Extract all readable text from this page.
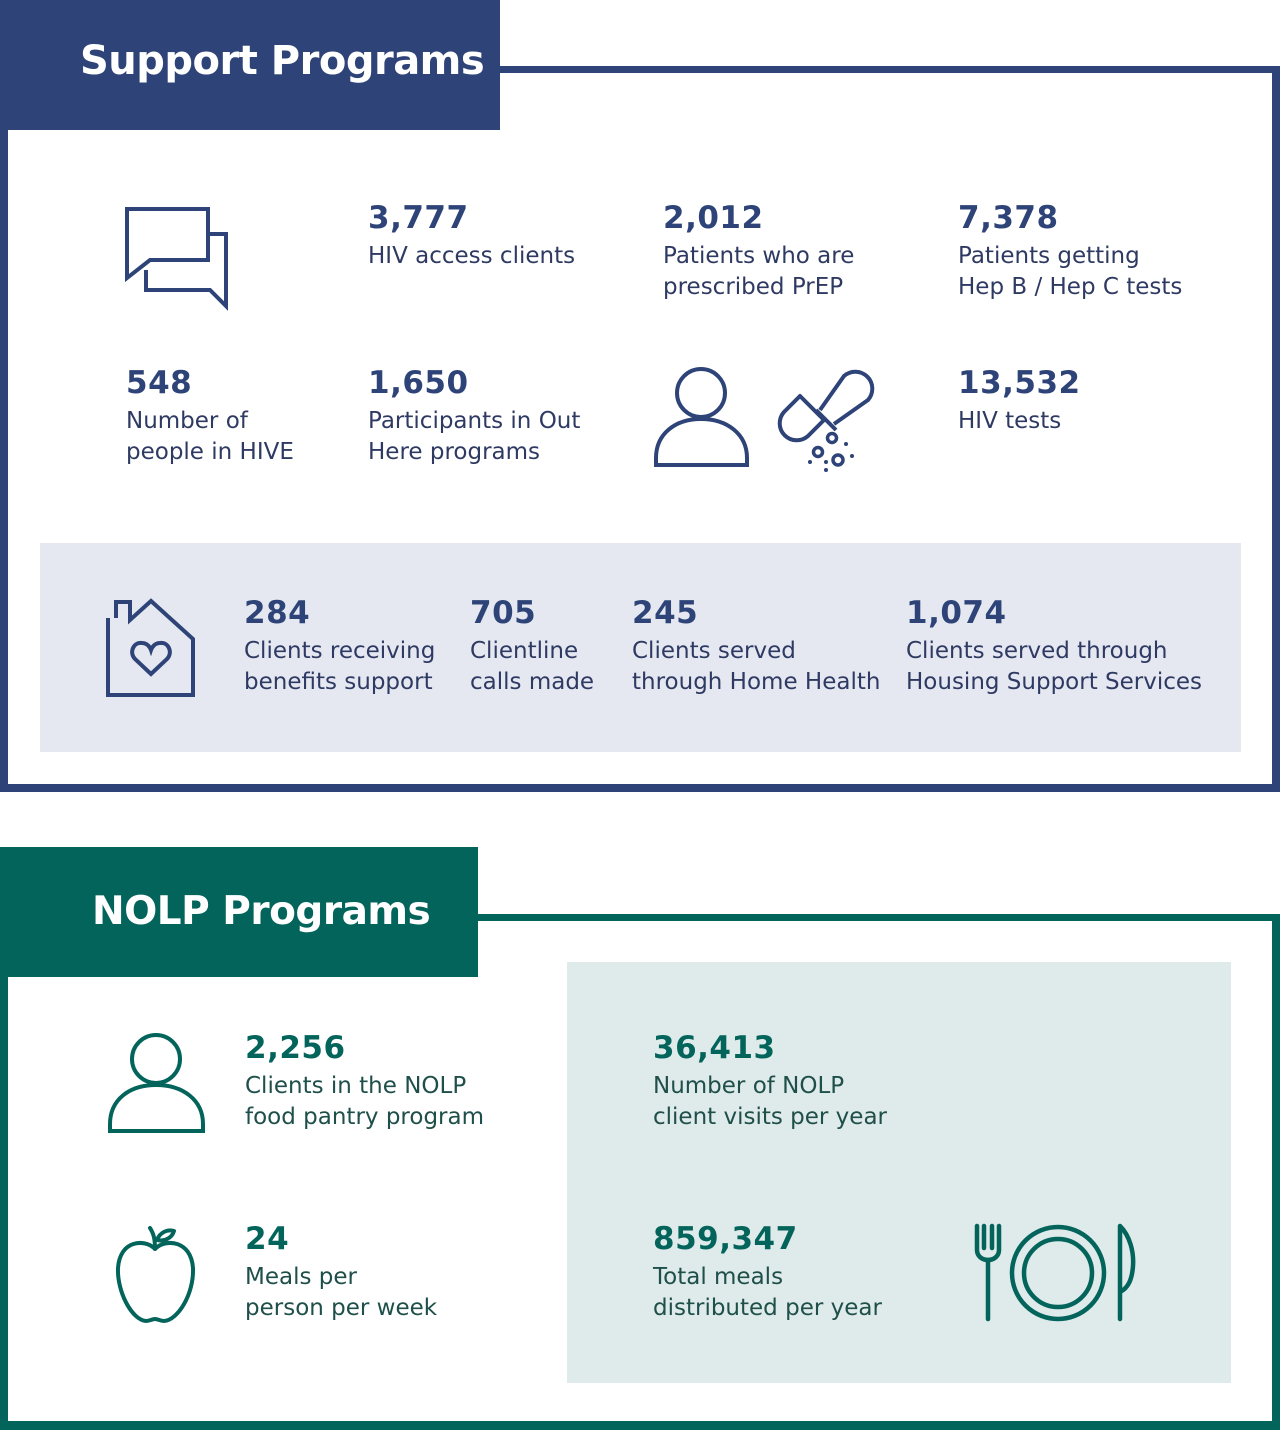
Support Programs
3,777
HIV access clients
2,012
Patients who are
prescribed PrEP
7,378
Patients getting
Hep B / Hep C tests
548
Number of
people in HIVE
1,650
Participants in Out
Here programs
13,532
HIV tests
284
Clients receiving
benefits support
705
Clientline
calls made
245
Clients served
through Home Health
1,074
Clients served through
Housing Support Services
NOLP Programs
2,256
Clients in the NOLP
food pantry program
24
Meals per
person per week
36,413
Number of NOLP
client visits per year
859,347
Total meals
distributed per year
